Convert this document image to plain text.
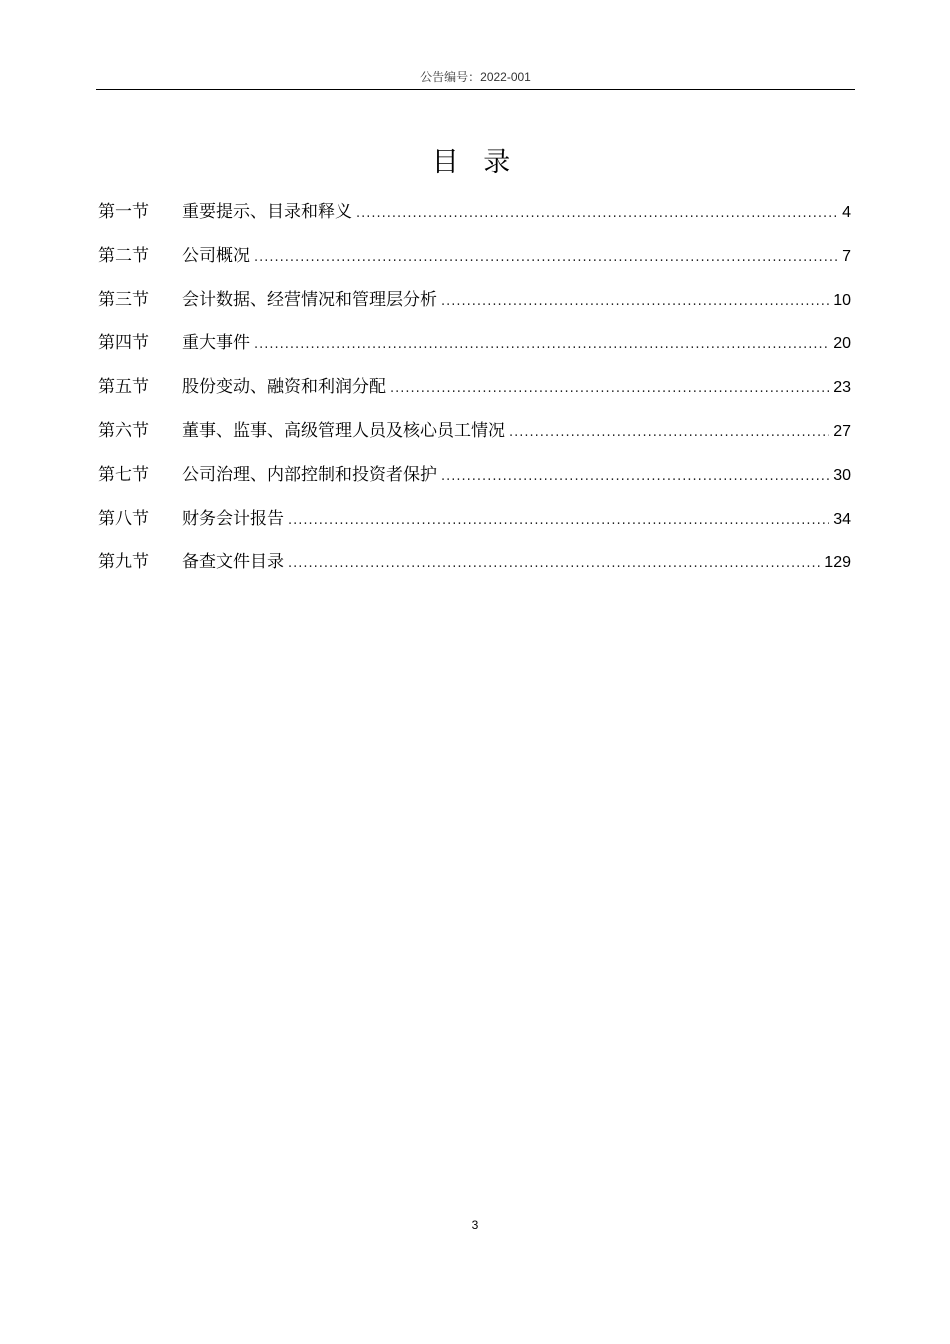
公告编号：2022-001
目 录
第一节	重要提示、目录和释义 .....	4
第二节	公司概况 .....	7
第三节	会计数据、经营情况和管理层分析 .....	10
第四节	重大事件 .....	20
第五节	股份变动、融资和利润分配 .....	23
第六节	董事、监事、高级管理人员及核心员工情况 .....	27
第七节	公司治理、内部控制和投资者保护 .....	30
第八节	财务会计报告 .....	34
第九节	备查文件目录 .....	129
3
